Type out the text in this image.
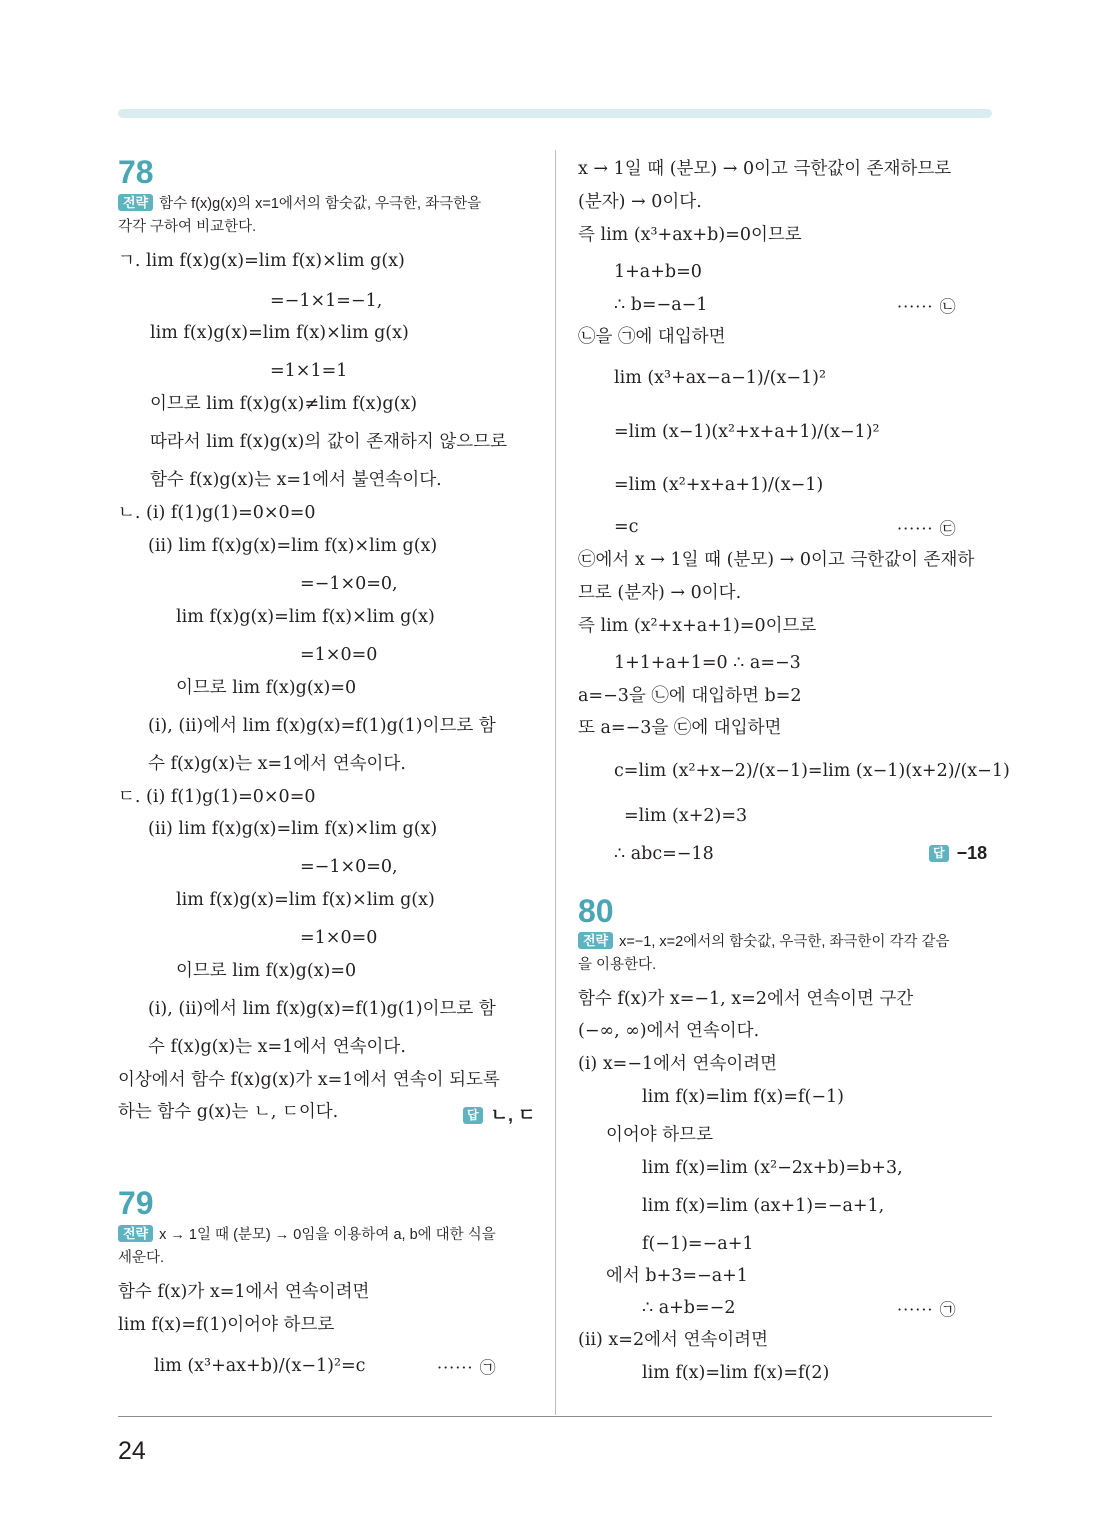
78
전략 함수 f(x)g(x)의 x=1에서의 함숫값, 우극한, 좌극한을
각각 구하여 비교한다.
ㄱ. lim f(x)g(x)=lim f(x)×lim g(x)
=−1×1=−1,
lim f(x)g(x)=lim f(x)×lim g(x)
=1×1=1
이므로 lim f(x)g(x)≠lim f(x)g(x)
따라서 lim f(x)g(x)의 값이 존재하지 않으므로
함수 f(x)g(x)는 x=1에서 불연속이다.
ㄴ. (ⅰ) f(1)g(1)=0×0=0
(ⅱ) lim f(x)g(x)=lim f(x)×lim g(x)
=−1×0=0,
lim f(x)g(x)=lim f(x)×lim g(x)
=1×0=0
이므로 lim f(x)g(x)=0
(ⅰ), (ⅱ)에서 lim f(x)g(x)=f(1)g(1)이므로 함
수 f(x)g(x)는 x=1에서 연속이다.
ㄷ. (ⅰ) f(1)g(1)=0×0=0
(ⅱ) lim f(x)g(x)=lim f(x)×lim g(x)
=−1×0=0,
lim f(x)g(x)=lim f(x)×lim g(x)
=1×0=0
이므로 lim f(x)g(x)=0
(ⅰ), (ⅱ)에서 lim f(x)g(x)=f(1)g(1)이므로 함
수 f(x)g(x)는 x=1에서 연속이다.
이상에서 함수 f(x)g(x)가 x=1에서 연속이 되도록
하는 함수 g(x)는 ㄴ, ㄷ이다.	답 ㄴ, ㄷ
79
전략 x → 1일 때 (분모) → 0임을 이용하여 a, b에 대한 식을
세운다.
함수 f(x)가 x=1에서 연속이려면
lim f(x)=f(1)이어야 하므로
lim (x³+ax+b)/(x−1)²=c	······ ㉠
x → 1일 때 (분모) → 0이고 극한값이 존재하므로
(분자) → 0이다.
즉 lim (x³+ax+b)=0이므로
1+a+b=0
∴ b=−a−1	······ ㉡
㉡을 ㉠에 대입하면
lim (x³+ax−a−1)/(x−1)²
=lim (x−1)(x²+x+a+1)/(x−1)²
=lim (x²+x+a+1)/(x−1)
=c	······ ㉢
㉢에서 x → 1일 때 (분모) → 0이고 극한값이 존재하
므로 (분자) → 0이다.
즉 lim (x²+x+a+1)=0이므로
1+1+a+1=0 ∴ a=−3
a=−3을 ㉡에 대입하면 b=2
또 a=−3을 ㉢에 대입하면
c=lim (x²+x−2)/(x−1)=lim (x−1)(x+2)/(x−1)
=lim (x+2)=3
∴ abc=−18	답 −18
80
전략 x=−1, x=2에서의 함숫값, 우극한, 좌극한이 각각 같음
을 이용한다.
함수 f(x)가 x=−1, x=2에서 연속이면 구간
(−∞, ∞)에서 연속이다.
(ⅰ) x=−1에서 연속이려면
lim f(x)=lim f(x)=f(−1)
이어야 하므로
lim f(x)=lim (x²−2x+b)=b+3,
lim f(x)=lim (ax+1)=−a+1,
f(−1)=−a+1
에서 b+3=−a+1
∴ a+b=−2	······ ㉠
(ⅱ) x=2에서 연속이려면
lim f(x)=lim f(x)=f(2)
24
